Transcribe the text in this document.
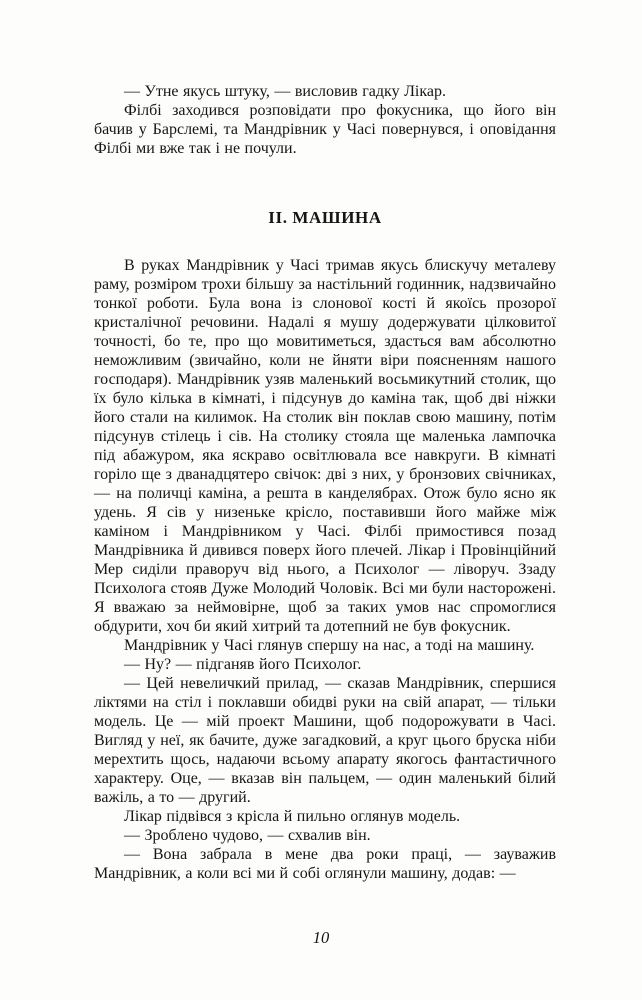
— Утне якусь штуку, — висловив гадку Лікар.

Філбі заходився розповідати про фокусника, що його він бачив у Барслемі, та Мандрівник у Часі повернувся, і оповідання Філбі ми вже так і не почули.

II. МАШИНА

В руках Мандрівник у Часі тримав якусь блискучу металеву раму, розміром трохи більшу за настільний годинник, надзвичайно тонкої роботи. Була вона із слонової кості й якоїсь прозорої кристалічної речовини. Надалі я мушу додержувати цілковитої точності, бо те, про що мовитиметься, здасться вам абсолютно неможливим (звичайно, коли не йняти віри поясненням нашого господаря). Мандрівник узяв маленький восьмикутний столик, що їх було кілька в кімнаті, і підсунув до каміна так, щоб дві ніжки його стали на килимок. На столик він поклав свою машину, потім підсунув стілець і сів. На столику стояла ще маленька лампочка під абажуром, яка яскраво освітлювала все навкруги. В кімнаті горіло ще з дванадцятеро свічок: дві з них, у бронзових свічниках, — на поличці каміна, а решта в канделябрах. Отож було ясно як удень. Я сів у низеньке крісло, поставивши його майже між каміном і Мандрівником у Часі. Філбі примостився позад Мандрівника й дивився поверх його плечей. Лікар і Провінційний Мер сиділи праворуч від нього, а Психолог — ліворуч. Ззаду Психолога стояв Дуже Молодий Чоловік. Всі ми були насторожені. Я вважаю за неймовірне, щоб за таких умов нас спромоглися обдурити, хоч би який хитрий та дотепний не був фокусник.

Мандрівник у Часі глянув спершу на нас, а тоді на машину.

— Ну? — підганяв його Психолог.

— Цей невеличкий прилад, — сказав Мандрівник, спершися ліктями на стіл і поклавши обидві руки на свій апарат, — тільки модель. Це — мій проект Машини, щоб подорожувати в Часі. Вигляд у неї, як бачите, дуже загадковий, а круг цього бруска ніби мерехтить щось, надаючи всьому апарату якогось фантастичного характеру. Оце, — вказав він пальцем, — один маленький білий важіль, а то — другий.

Лікар підвівся з крісла й пильно оглянув модель.

— Зроблено чудово, — схвалив він.

— Вона забрала в мене два роки праці, — зауважив Мандрівник, а коли всі ми й собі оглянули машину, додав: —

10
